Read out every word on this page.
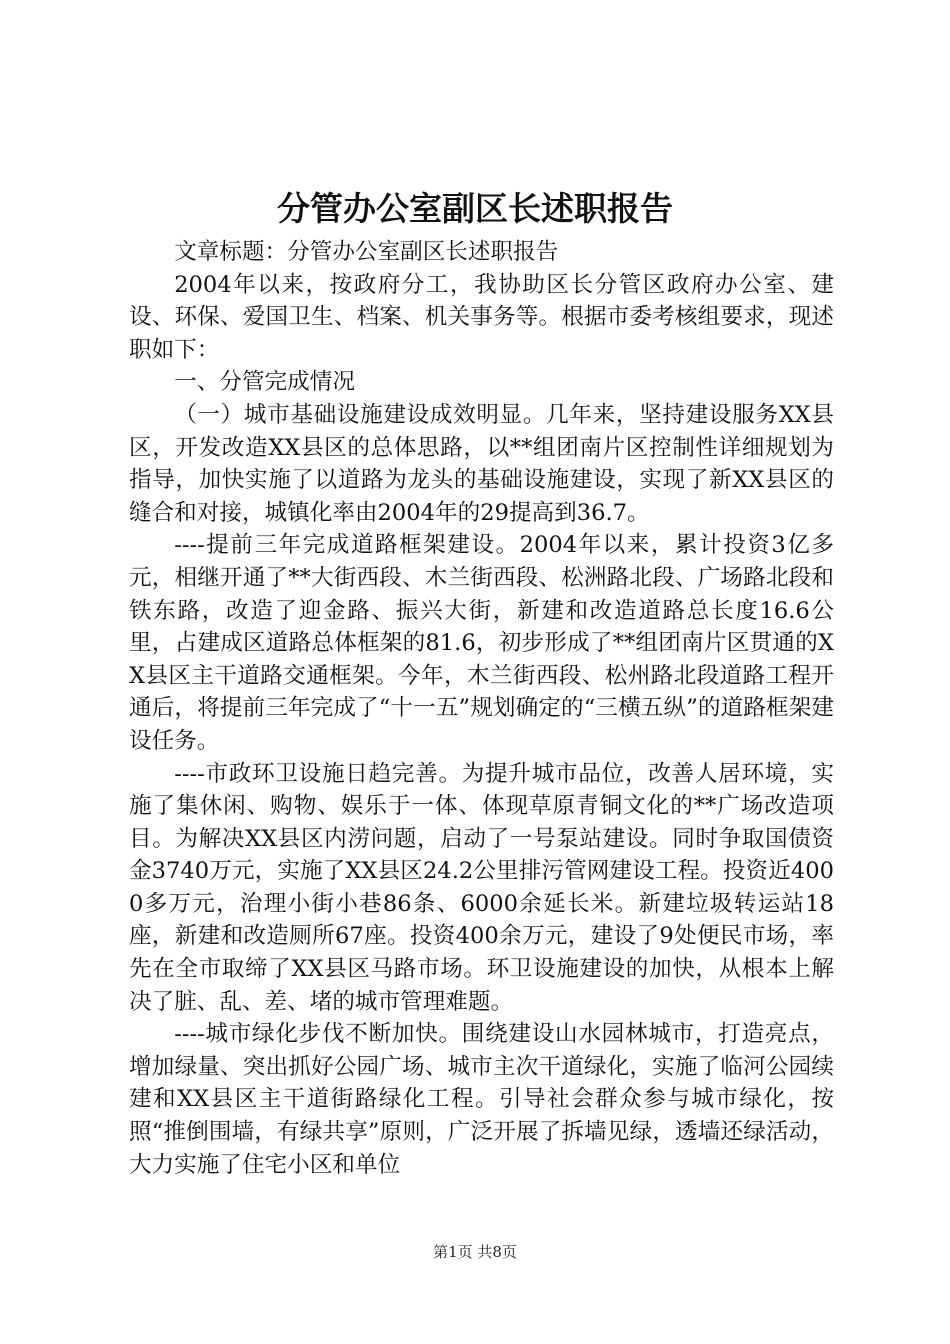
分管办公室副区长述职报告

文章标题：分管办公室副区长述职报告

2004年以来，按政府分工，我协助区长分管区政府办公室、建设、环保、爱国卫生、档案、机关事务等。根据市委考核组要求，现述职如下：

一、分管完成情况

（一）城市基础设施建设成效明显。几年来，坚持建设服务XX县区，开发改造XX县区的总体思路，以**组团南片区控制性详细规划为指导，加快实施了以道路为龙头的基础设施建设，实现了新XX县区的缝合和对接，城镇化率由2004年的29提高到36.7。

----提前三年完成道路框架建设。2004年以来，累计投资3亿多元，相继开通了**大街西段、木兰街西段、松洲路北段、广场路北段和铁东路，改造了迎金路、振兴大街，新建和改造道路总长度16.6公里，占建成区道路总体框架的81.6，初步形成了**组团南片区贯通的XX县区主干道路交通框架。今年，木兰街西段、松州路北段道路工程开通后，将提前三年完成了“十一五”规划确定的“三横五纵”的道路框架建设任务。

----市政环卫设施日趋完善。为提升城市品位，改善人居环境，实施了集休闲、购物、娱乐于一体、体现草原青铜文化的**广场改造项目。为解决XX县区内涝问题，启动了一号泵站建设。同时争取国债资金3740万元，实施了XX县区24.2公里排污管网建设工程。投资近4000多万元，治理小街小巷86条、6000余延长米。新建垃圾转运站18座，新建和改造厕所67座。投资400余万元，建设了9处便民市场，率先在全市取缔了XX县区马路市场。环卫设施建设的加快，从根本上解决了脏、乱、差、堵的城市管理难题。

----城市绿化步伐不断加快。围绕建设山水园林城市，打造亮点，增加绿量、突出抓好公园广场、城市主次干道绿化，实施了临河公园续建和XX县区主干道街路绿化工程。引导社会群众参与城市绿化，按照“推倒围墙，有绿共享”原则，广泛开展了拆墙见绿，透墙还绿活动，大力实施了住宅小区和单位

第1页 共8页
